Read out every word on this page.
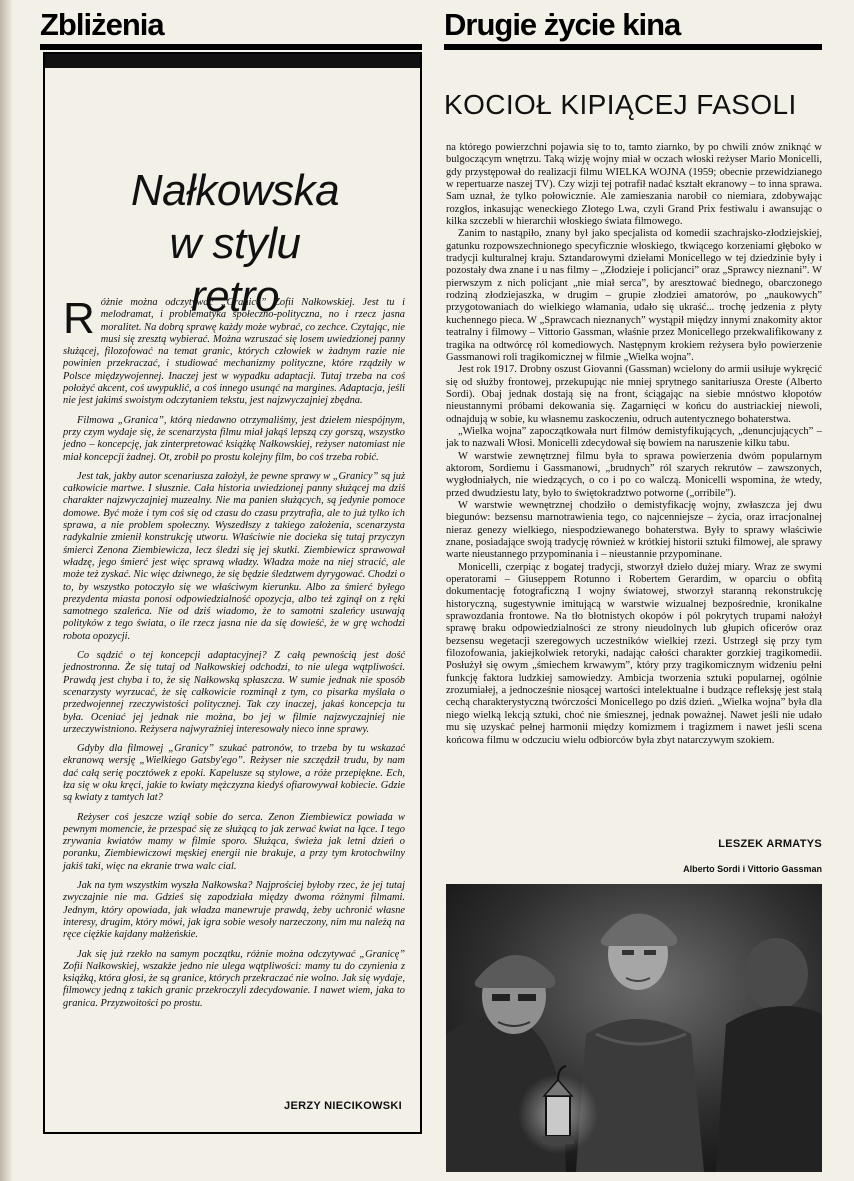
Zbliżenia	Drugie życie kina
Nałkowska
w stylu
retro

Różnie można odczytywać „Granicę” Zofii Nałkowskiej. Jest tu i melodramat, i problematyka społeczno-polityczna, no i rzecz jasna moralitet. Na dobrą sprawę każdy może wybrać, co zechce. Czytając, nie musi się zresztą wybierać. Można wzruszać się losem uwiedzionej panny służącej, filozofować na temat granic, których człowiek w żadnym razie nie powinien przekraczać, i studiować mechanizmy polityczne, które rządziły w Polsce międzywojennej. Inaczej jest w wypadku adaptacji. Tutaj trzeba na coś położyć akcent, coś uwypuklić, a coś innego usunąć na margines. Adaptacja, jeśli nie jest jakimś swoistym odczytaniem tekstu, jest najzwyczajniej zbędna.

Filmowa „Granica”, którą niedawno otrzymaliśmy, jest dziełem niespójnym, przy czym wydaje się, że scenarzysta filmu miał jakąś lepszą czy gorszą, wszystko jedno – koncepcję, jak zinterpretować książkę Nałkowskiej, reżyser natomiast nie miał koncepcji żadnej. Ot, zrobił po prostu kolejny film, bo coś trzeba robić.

Jest tak, jakby autor scenariusza założył, że pewne sprawy w „Granicy” są już całkowicie martwe. I słusznie. Cała historia uwiedzionej panny służącej ma dziś charakter najzwyczajniej muzealny. Nie ma panien służących, są jedynie pomoce domowe. Być może i tym coś się od czasu do czasu przytrafia, ale to już tylko ich sprawa, a nie problem społeczny. Wyszedłszy z takiego założenia, scenarzysta radykalnie zmienił konstrukcję utworu. Właściwie nie dociekа się tutaj przyczyn śmierci Zenona Ziembiewicza, lecz śledzi się jej skutki. Ziembiewicz sprawował władzę, jego śmierć jest więc sprawą władzy. Władza może na niej stracić, ale może też zyskać. Nic więc dziwnego, że się będzie śledztwem dyrygować. Chodzi o to, by wszystko potoczyło się we właściwym kierunku. Albo za śmierć byłego prezydenta miasta ponosi odpowiedzialność opozycja, albo też zginął on z ręki samotnego szaleńca. Nie od dziś wiadomo, że to samotni szaleńcy usuwają polityków z tego świata, o ile rzecz jasna nie da się dowieść, że w grę wchodzi robota opozycji.

Co sądzić o tej koncepcji adaptacyjnej? Z całą pewnością jest dość jednostronna. Że się tutaj od Nałkowskiej odchodzi, to nie ulega wątpliwości. Prawdą jest chyba i to, że się Nałkowską spłaszcza. W sumie jednak nie sposób scenarzysty wyrzucać, że się całkowicie rozminął z tym, co pisarka myślała o przedwojennej rzeczywistości politycznej. Tak czy inaczej, jakaś koncepcja tu była. Oceniać jej jednak nie można, bo jej w filmie najzwyczajniej nie urzeczywistniono. Reżysera najwyraźniej interesowały nieco inne sprawy.

Gdyby dla filmowej „Granicy” szukać patronów, to trzeba by tu wskazać ekranową wersję „Wielkiego Gatsby'ego”. Reżyser nie szczędził trudu, by nam dać całą serię pocztówek z epoki. Kapelusze są stylowe, a róże przepiękne. Ech, łza się w oku kręci, jakie to kwiaty mężczyzna kiedyś ofiarowywał kobiecie. Gdzie są kwiaty z tamtych lat?

Reżyser coś jeszcze wziął sobie do serca. Zenon Ziembiewicz powiada w pewnym momencie, że przespać się ze służącą to jak zerwać kwiat na łące. I tego zrywania kwiatów mamy w filmie sporo. Służąca, świeża jak letni dzień o poranku, Ziembiewiczowi męskiej energii nie brakuje, a przy tym krotochwilny jakiś taki, więc na ekranie trwa walc cial.

Jak na tym wszystkim wyszła Nałkowska? Najprościej byłoby rzec, że jej tutaj zwyczajnie nie ma. Gdzieś się zapodziała między dwoma różnymi filmami. Jednym, który opowiada, jak władza manewruje prawdą, żeby uchronić własne interesy, drugim, który mówi, jak igra sobie wesoły narzeczony, nim mu należą na ręce ciężkie kajdany małżeńskie.

Jak się już rzekło na samym początku, różnie można odczytywać „Granicę” Zofii Nałkowskiej, wszakże jedno nie ulega wątpliwości: mamy tu do czynienia z książką, która głosi, że są granice, których przekraczać nie wolno. Jak się wydaje, filmowcy jedną z takich granic przekroczyli zdecydowanie. I nawet wiem, jaka to granica. Przyzwoitości po prostu.

JERZY NIECIKOWSKI

KOCIOŁ KIPIĄCEJ FASOLI

na którego powierzchni pojawia się to to, tamto ziarnko, by po chwili znów zniknąć w bulgoczącym wnętrzu. Taką wizję wojny miał w oczach włoski reżyser Mario Monicelli, gdy przystępował do realizacji filmu WIELKA WOJNA (1959; obecnie przewidzianego w repertuarze naszej TV). Czy wizji tej potrafił nadać kształt ekranowy – to inna sprawa. Sam uznał, że tylko połowicznie. Ale zamieszania narobił co niemiara, zdobywając rozgłos, inkasując weneckiego Złotego Lwa, czyli Grand Prix festiwalu i awansując o kilka szczebli w hierarchii włoskiego świata filmowego.

Zanim to nastąpiło, znany był jako specjalista od komedii szachrajsko-złodziejskiej, gatunku rozpowszechnionego specyficznie włoskiego, tkwiącego korzeniami głęboko w tradycji kulturalnej kraju. Sztandarowymi dziełami Monicellego w tej dziedzinie były i pozostały dwa znane i u nas filmy – „Złodzieje i policjanci” oraz „Sprawcy nieznani”. W pierwszym z nich policjant „nie miał serca”, by aresztować biednego, obarczonego rodziną złodziejaszka, w drugim – grupie złodziei amatorów, po „naukowych” przygotowaniach do wielkiego włamania, udało się ukraść... trochę jedzenia z płyty kuchennego pieca. W „Sprawcach nieznanych” wystąpił między innymi znakomity aktor teatralny i filmowy – Vittorio Gassman, właśnie przez Monicellego przekwalifikowany z tragika na odtwórcę ról komediowych. Następnym krokiem reżysera było powierzenie Gassmanowi roli tragikomicznej w filmie „Wielka wojna”.

Jest rok 1917. Drobny oszust Giovanni (Gassman) wcielony do armii usiłuje wykręcić się od służby frontowej, przekupując nie mniej sprytnego sanitariusza Oreste (Alberto Sordi). Obaj jednak dostają się na front, ściągając na siebie mnóstwo kłopotów nieustannymi próbami dekowania się. Zagarnięci w końcu do austriackiej niewoli, odnajdują w sobie, ku własnemu zaskoczeniu, odruch autentycznego bohaterstwa.

„Wielka wojna” zapoczątkowała nurt filmów demistyfikujących, „denuncjujących” – jak to nazwali Włosi. Monicelli zdecydował się bowiem na naruszenie kilku tabu.

W warstwie zewnętrznej filmu była to sprawa powierzenia dwóm popularnym aktorom, Sordiemu i Gassmanowi, „brudnych” ról szarych rekrutów – zawszonych, wygłodniałych, nie wiedzących, o co i po co walczą. Monicelli wspomina, że wtedy, przed dwudziestu laty, było to świętokradztwo potworne („orribile”).

W warstwie wewnętrznej chodziło o demistyfikację wojny, zwłaszcza jej dwu biegunów: bezsensu marnotrawienia tego, co najcenniejsze – życia, oraz irracjonalnej nieraz genezy wielkiego, niespodziewanego bohaterstwa. Były to sprawy właściwie znane, posiadające swoją tradycję również w krótkiej historii sztuki filmowej, ale sprawy warte nieustannego przypominania i – nieustannie przypominane.

Monicelli, czerpiąc z bogatej tradycji, stworzył dzieło dużej miary. Wraz ze swymi operatorami – Giuseppem Rotunno i Robertem Gerardim, w oparciu o obfitą dokumentację fotograficzną I wojny światowej, stworzył staranną rekonstrukcję historyczną, sugestywnie imitującą w warstwie wizualnej bezpośrednie, kronikalne sprawozdania frontowe. Na tło błotnistych okopów i pól pokrytych trupami nałożył sprawę braku odpowiedzialności ze strony nieudolnych lub głupich oficerów oraz bezsensu wegetacji szeregowych uczestników wielkiej rzezi. Ustrzegł się przy tym filozofowania, jakiejkolwiek retoryki, nadając całości charakter gorzkiej tragikomedii. Posłużył się owym „śmiechem krwawym”, który przy tragikomicznym widzeniu pełni funkcję faktora ludzkiej samowiedzy. Ambicja tworzenia sztuki popularnej, ogólnie zrozumiałej, a jednocześnie niosącej wartości intelektualne i budzące refleksję jest stałą cechą charakterystyczną twórczości Monicellego po dziś dzień. „Wielka wojna” była dla niego wielką lekcją sztuki, choć nie śmiesznej, jednak poważnej. Nawet jeśli nie udało mu się uzyskać pełnej harmonii między komizmem i tragizmem i nawet jeśli scena końcowa filmu w odczuciu wielu odbiorców była zbyt natarczywym szokiem.

LESZEK ARMATYS

Alberto Sordi i Vittorio Gassman
